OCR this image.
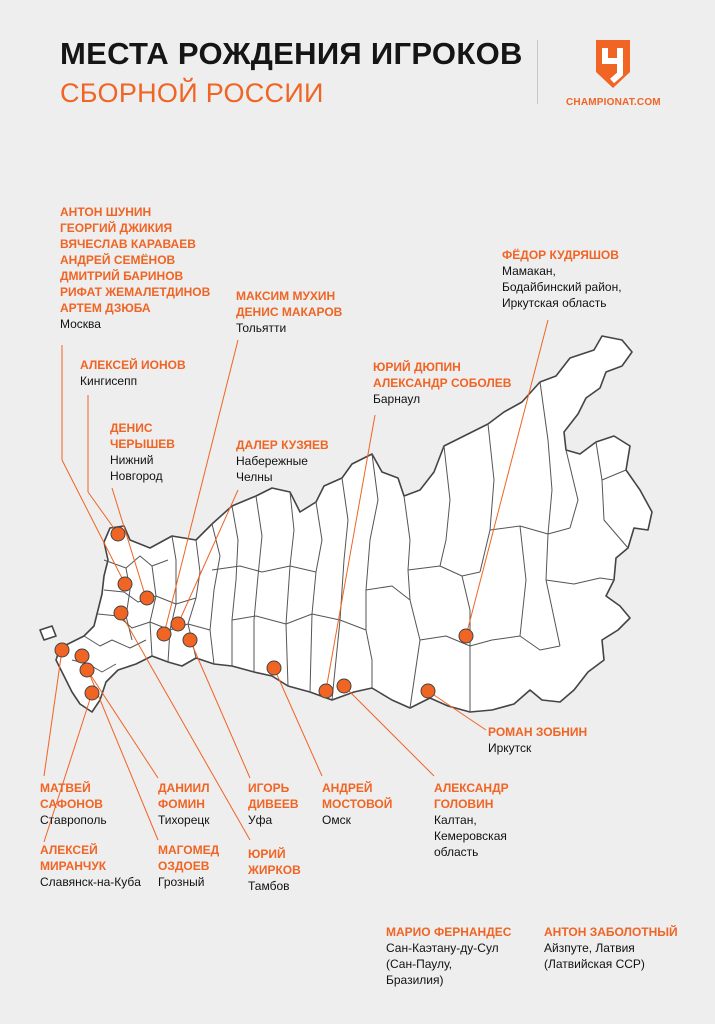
МЕСТА РОЖДЕНИЯ ИГРОКОВ
СБОРНОЙ РОССИИ	CHAMPIONAT.COM
АНТОН ШУНИН
ГЕОРГИЙ ДЖИКИЯ
ВЯЧЕСЛАВ КАРАВАЕВ
АНДРЕЙ СЕМЁНОВ
ДМИТРИЙ БАРИНОВ
РИФАТ ЖЕМАЛЕТДИНОВ
АРТЕМ ДЗЮБА
Москва
АЛЕКСЕЙ ИОНОВ
Кингисепп
ДЕНИС
ЧЕРЫШЕВ
Нижний
Новгород
МАКСИМ МУХИН
ДЕНИС МАКАРОВ
Тольятти
ДАЛЕР КУЗЯЕВ
Набережные
Челны
ЮРИЙ ДЮПИН
АЛЕКСАНДР СОБОЛЕВ
Барнаул
ФЁДОР КУДРЯШОВ
Мамакан,
Бодайбинский район,
Иркутская область
РОМАН ЗОБНИН
Иркутск
МАТВЕЙ
САФОНОВ
Ставрополь
АЛЕКСЕЙ
МИРАНЧУК
Славянск-на-Кубa
ДАНИИЛ
ФОМИН
Тихорецк
МАГОМЕД
ОЗДОЕВ
Грозный
ИГОРЬ
ДИВЕЕВ
Уфа
ЮРИЙ
ЖИРКОВ
Тамбов
АНДРЕЙ
МОСТОВОЙ
Омск
АЛЕКСАНДР
ГОЛОВИН
Калтан,
Кемеровская
область
МАРИО ФЕРНАНДЕС
Сан-Каэтану-ду-Сул
(Сан-Паулу,
Бразилия)
АНТОН ЗАБОЛОТНЫЙ
Айзпуте, Латвия
(Латвийская ССР)
